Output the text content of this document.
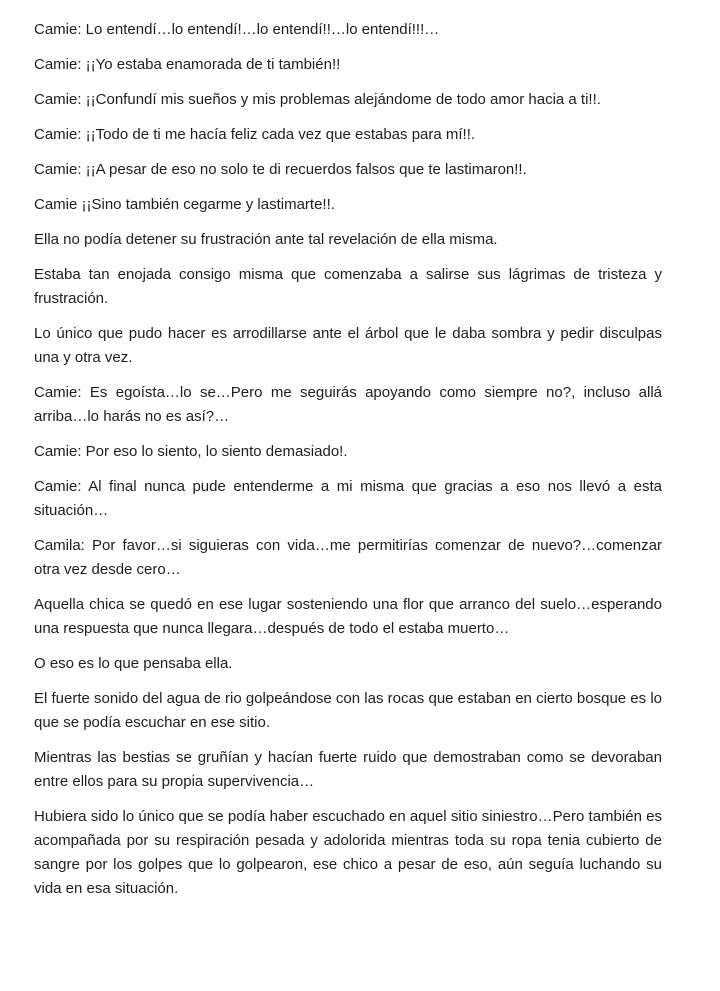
Camie: Lo entendí…lo entendí!…lo entendí!!…lo entendí!!!…

Camie: ¡¡Yo estaba enamorada de ti también!!

Camie: ¡¡Confundí mis sueños y mis problemas alejándome de todo amor hacia a ti!!.

Camie: ¡¡Todo de ti me hacía feliz cada vez que estabas para mí!!.

Camie: ¡¡A pesar de eso no solo te di recuerdos falsos que te lastimaron!!.

Camie ¡¡Sino también cegarme y lastimarte!!.

Ella no podía detener su frustración ante tal revelación de ella misma.

Estaba tan enojada consigo misma que comenzaba a salirse sus lágrimas de tristeza y frustración.

Lo único que pudo hacer es arrodillarse ante el árbol que le daba sombra y pedir disculpas una y otra vez.

Camie: Es egoísta…lo se…Pero me seguirás apoyando como siempre no?, incluso allá arriba…lo harás no es así?…

Camie: Por eso lo siento, lo siento demasiado!.

Camie: Al final nunca pude entenderme a mi misma que gracias a eso nos llevó a esta situación…

Camila: Por favor…si siguieras con vida…me permitirías comenzar de nuevo?…comenzar otra vez desde cero…

Aquella chica se quedó en ese lugar sosteniendo una flor que arranco del suelo…esperando una respuesta que nunca llegara…después de todo el estaba muerto…

O eso es lo que pensaba ella.

El fuerte sonido del agua de rio golpeándose con las rocas que estaban en cierto bosque es lo que se podía escuchar en ese sitio.

Mientras las bestias se gruñían y hacían fuerte ruido que demostraban como se devoraban entre ellos para su propia supervivencia…

Hubiera sido lo único que se podía haber escuchado en aquel sitio siniestro…Pero también es acompañada por su respiración pesada y adolorida mientras toda su ropa tenia cubierto de sangre por los golpes que lo golpearon, ese chico a pesar de eso, aún seguía luchando su vida en esa situación.
